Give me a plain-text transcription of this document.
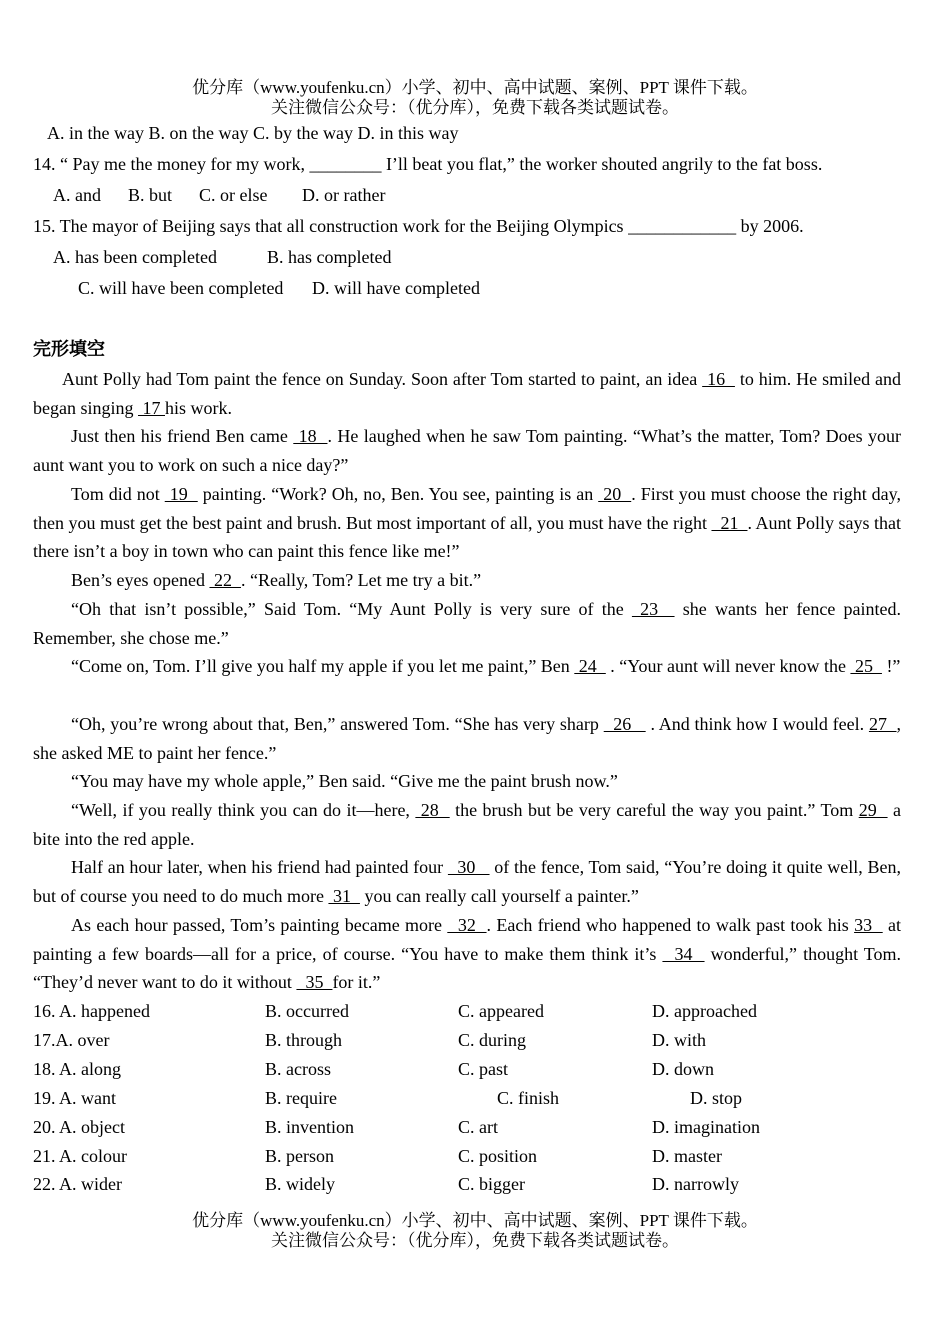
优分库（www.youfenku.cn）小学、初中、高中试题、案例、PPT 课件下载。
关注微信公众号：（优分库），免费下载各类试题试卷。
A. in the way B. on the way C. by the way D. in this way
14. “ Pay me the money for my work, ________ I’ll beat you flat,” the worker shouted angrily to the fat boss.
A. and B. but C. or else D. or rather
15. The mayor of Beijing says that all construction work for the Beijing Olympics ____________ by 2006.
A. has been completed	B. has completed
C. will have been completed D. will have completed
完形填空

Aunt Polly had Tom paint the fence on Sunday. Soon after Tom started to paint, an idea  16   to him. He smiled and began singing  17 his work.

Just then his friend Ben came  18  . He laughed when he saw Tom painting. “What’s the matter, Tom? Does your aunt want you to work on such a nice day?”

Tom did not  19   painting. “Work? Oh, no, Ben. You see, painting is an  20  . First you must choose the right day, then you must get the best paint and brush. But most important of all, you must have the right   21  . Aunt Polly says that there isn’t a boy in town who can paint this fence like me!”

Ben’s eyes opened  22  . “Really, Tom? Let me try a bit.”

“Oh that isn’t possible,” Said Tom. “My Aunt Polly is very sure of the  23   she wants her fence painted. Remember, she chose me.”

“Come on, Tom. I’ll give you half my apple if you let me paint,” Ben  24   . “Your aunt will never know the  25   !”

“Oh, you’re wrong about that, Ben,” answered Tom. “She has very sharp   26    . And think how I would feel. 27  , she asked ME to paint her fence.”

“You may have my whole apple,” Ben said. “Give me the paint brush now.”

“Well, if you really think you can do it—here,  28   the brush but be very careful the way you paint.” Tom 29   a bite into the red apple.

Half an hour later, when his friend had painted four   30    of the fence, Tom said, “You’re doing it quite well, Ben, but of course you need to do much more  31   you can really call yourself a painter.”

As each hour passed, Tom’s painting became more   32  . Each friend who happened to walk past took his 33   at painting a few boards—all for a price, of course. “You have to make them think it’s   34   wonderful,” thought Tom. “They’d never want to do it without   35  for it.”

16. A. happened	B. occurred	C. appeared	D. approached
17.A. over	B. through	C. during	D. with
18. A. along	B. across	C. past	D. down
19. A. want	B. require	C. finish	D. stop
20. A. object	B. invention	C. art	D. imagination
21. A. colour	B. person	C. position	D. master
22. A. wider	B. widely	C. bigger	D. narrowly
优分库（www.youfenku.cn）小学、初中、高中试题、案例、PPT 课件下载。
关注微信公众号：（优分库），免费下载各类试题试卷。
